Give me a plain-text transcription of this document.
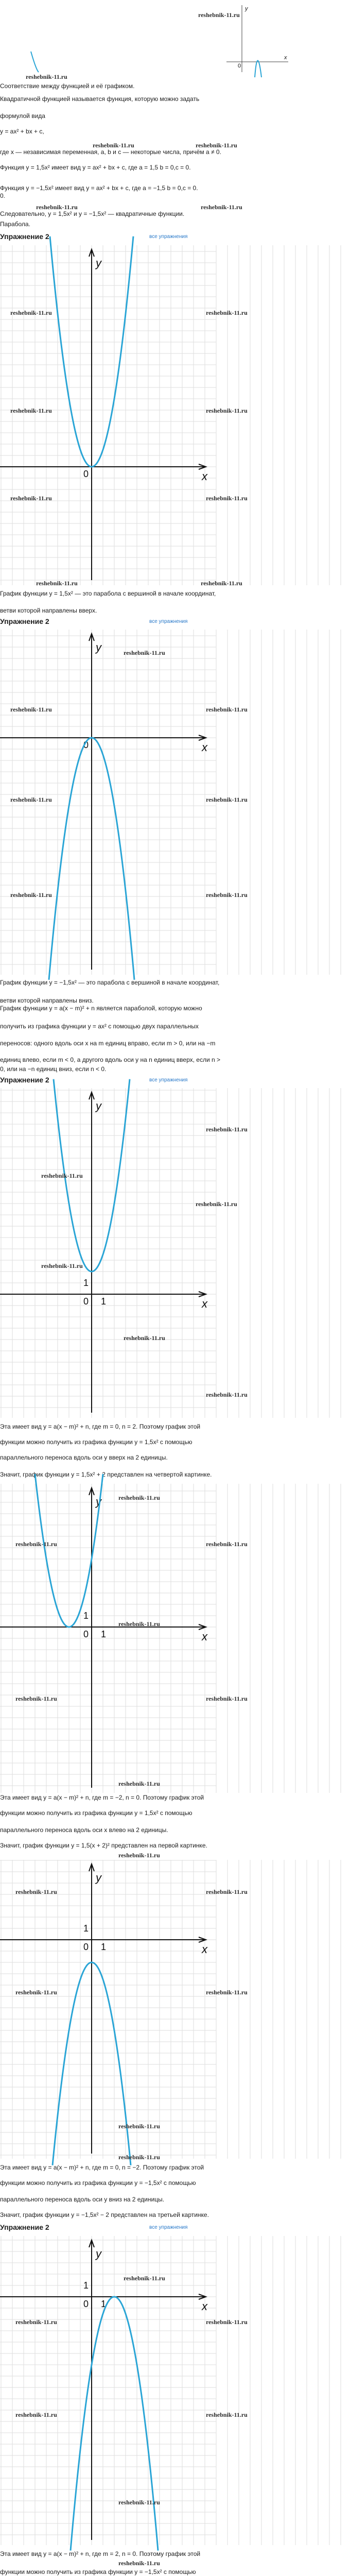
y
x
0
reshebnik-11.ru
reshebnik-11.ru

Соответствие между функцией и её графиком.

Квадратичной функцией называется функция, которую можно задать

формулой вида

y = ax² + bx + c,

reshebnik-11.ru	reshebnik-11.ru

где x — независимая переменная, a, b и c — некоторые числа, причём a ≠ 0.

Функция y = 1,5x² имеет вид y = ax² + bx + c, где a = 1,5 b = 0,c = 0.

Функция y = −1,5x² имеет вид y = ax² + bx + c, где a = −1,5 b = 0,c = 0.

0.

reshebnik-11.ru	reshebnik-11.ru

Следовательно, y = 1,5x² и y = −1,5x² — квадратичные функции.

Парабола.

Упражнение 2	все упражнения
y
x
0
reshebnik-11.ru	reshebnik-11.ru
reshebnik-11.ru	reshebnik-11.ru
reshebnik-11.ru	reshebnik-11.ru
reshebnik-11.ru	reshebnik-11.ru

График функции y = 1,5x² — это парабола с вершиной в начале координат,

ветви которой направлены вверх.

Упражнение 2	все упражнения
y
x
0
reshebnik-11.ru
reshebnik-11.ru	reshebnik-11.ru
reshebnik-11.ru	reshebnik-11.ru
reshebnik-11.ru	reshebnik-11.ru

График функции y = −1,5x² — это парабола с вершиной в начале координат,

ветви которой направлены вниз.

График функции y = a(x − m)² + n является параболой, которую можно

получить из графика функции y = ax² с помощью двух параллельных

переносов: одного вдоль оси x на m единиц вправо, если m > 0, или на −m

единиц влево, если m < 0, а другого вдоль оси y на n единиц вверх, если n >

0, или на −n единиц вниз, если n < 0.

Упражнение 2	все упражнения
y
x
0 1
1
reshebnik-11.ru
reshebnik-11.ru
reshebnik-11.ru
reshebnik-11.ru
reshebnik-11.ru
reshebnik-11.ru

Эта имеет вид y = a(x − m)² + n, где m = 0, n = 2. Поэтому график этой

функции можно получить из графика функции y = 1,5x² с помощью

параллельного переноса вдоль оси y вверх на 2 единицы.

Значит, график функции y = 1,5x² + 2 представлен на четвертой картинке.

y
x
0 1
1
reshebnik-11.ru
reshebnik-11.ru	reshebnik-11.ru
reshebnik-11.ru
reshebnik-11.ru	reshebnik-11.ru
reshebnik-11.ru

Эта имеет вид y = a(x − m)² + n, где m = −2, n = 0. Поэтому график этой

функции можно получить из графика функции y = 1,5x² с помощью

параллельного переноса вдоль оси x влево на 2 единицы.

Значит, график функции y = 1,5(x + 2)² представлен на первой картинке.

reshebnik-11.ru
y
x
0 1
1
reshebnik-11.ru	reshebnik-11.ru
reshebnik-11.ru	reshebnik-11.ru
reshebnik-11.ru
reshebnik-11.ru

Эта имеет вид y = a(x − m)² + n, где m = 0, n = −2. Поэтому график этой

функции можно получить из графика функции y = −1,5x² с помощью

параллельного переноса вдоль оси y вниз на 2 единицы.

Значит, график функции y = −1,5x² − 2 представлен на третьей картинке.

Упражнение 2	все упражнения
y
x
0 1
1
reshebnik-11.ru
reshebnik-11.ru	reshebnik-11.ru
reshebnik-11.ru	reshebnik-11.ru
reshebnik-11.ru

Эта имеет вид y = a(x − m)² + n, где m = 2, n = 0. Поэтому график этой

reshebnik-11.ru

функции можно получить из графика функции y = −1,5x² с помощью
